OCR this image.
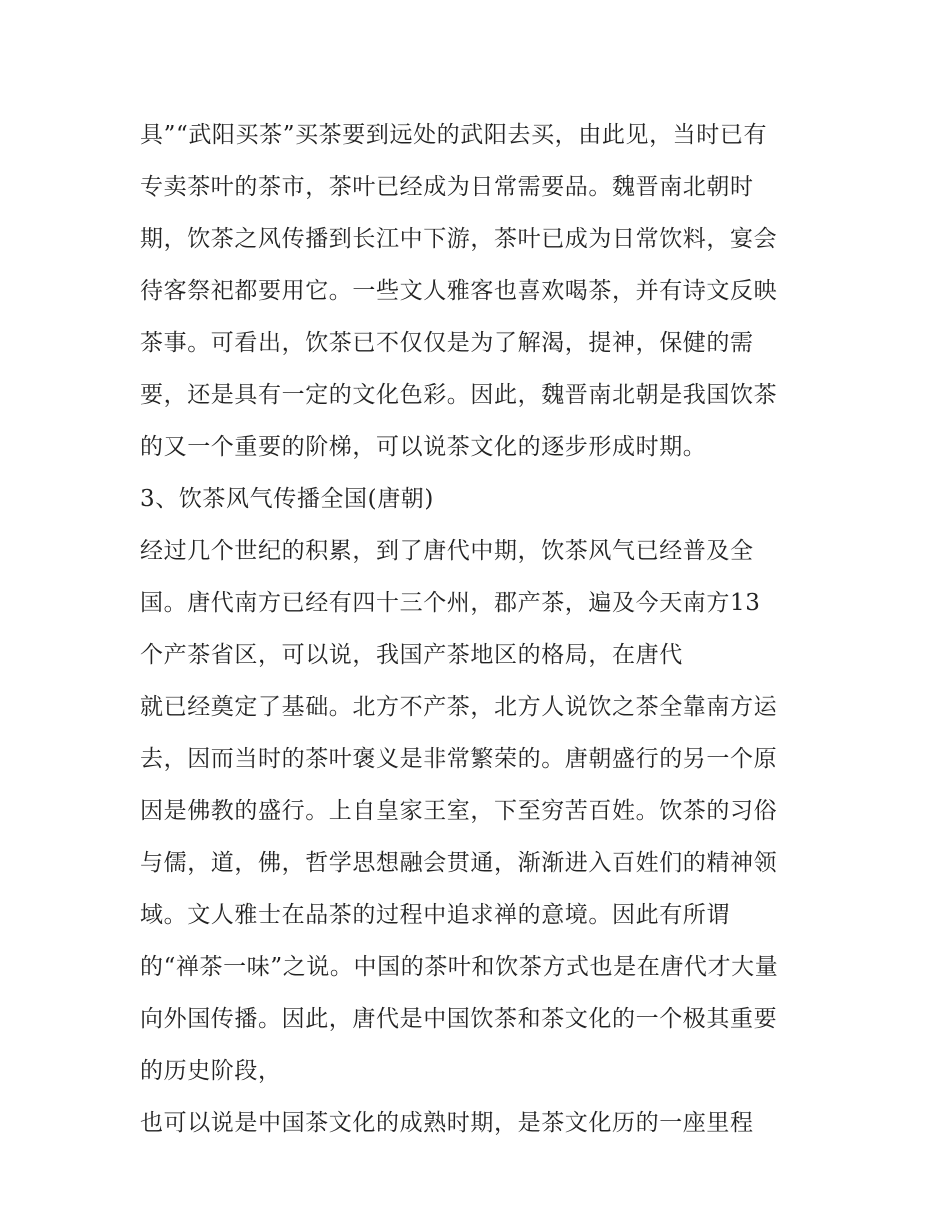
具”“武阳买茶”买茶要到远处的武阳去买，由此见，当时已有
专卖茶叶的茶市，茶叶已经成为日常需要品。魏晋南北朝时
期，饮茶之风传播到长江中下游，茶叶已成为日常饮料，宴会
待客祭祀都要用它。一些文人雅客也喜欢喝茶，并有诗文反映
茶事。可看出，饮茶已不仅仅是为了解渴，提神，保健的需
要，还是具有一定的文化色彩。因此，魏晋南北朝是我国饮茶
的又一个重要的阶梯，可以说茶文化的逐步形成时期。
3、饮茶风气传播全国(唐朝)
经过几个世纪的积累，到了唐代中期，饮茶风气已经普及全
国。唐代南方已经有四十三个州，郡产茶，遍及今天南方13
个产茶省区，可以说，我国产茶地区的格局，在唐代
就已经奠定了基础。北方不产茶，北方人说饮之茶全靠南方运
去，因而当时的茶叶褒义是非常繁荣的。唐朝盛行的另一个原
因是佛教的盛行。上自皇家王室，下至穷苦百姓。饮茶的习俗
与儒，道，佛，哲学思想融会贯通，渐渐进入百姓们的精神领
域。文人雅士在品茶的过程中追求禅的意境。因此有所谓
的“禅茶一味”之说。中国的茶叶和饮茶方式也是在唐代才大量
向外国传播。因此，唐代是中国饮茶和茶文化的一个极其重要
的历史阶段，
也可以说是中国茶文化的成熟时期，是茶文化历的一座里程
